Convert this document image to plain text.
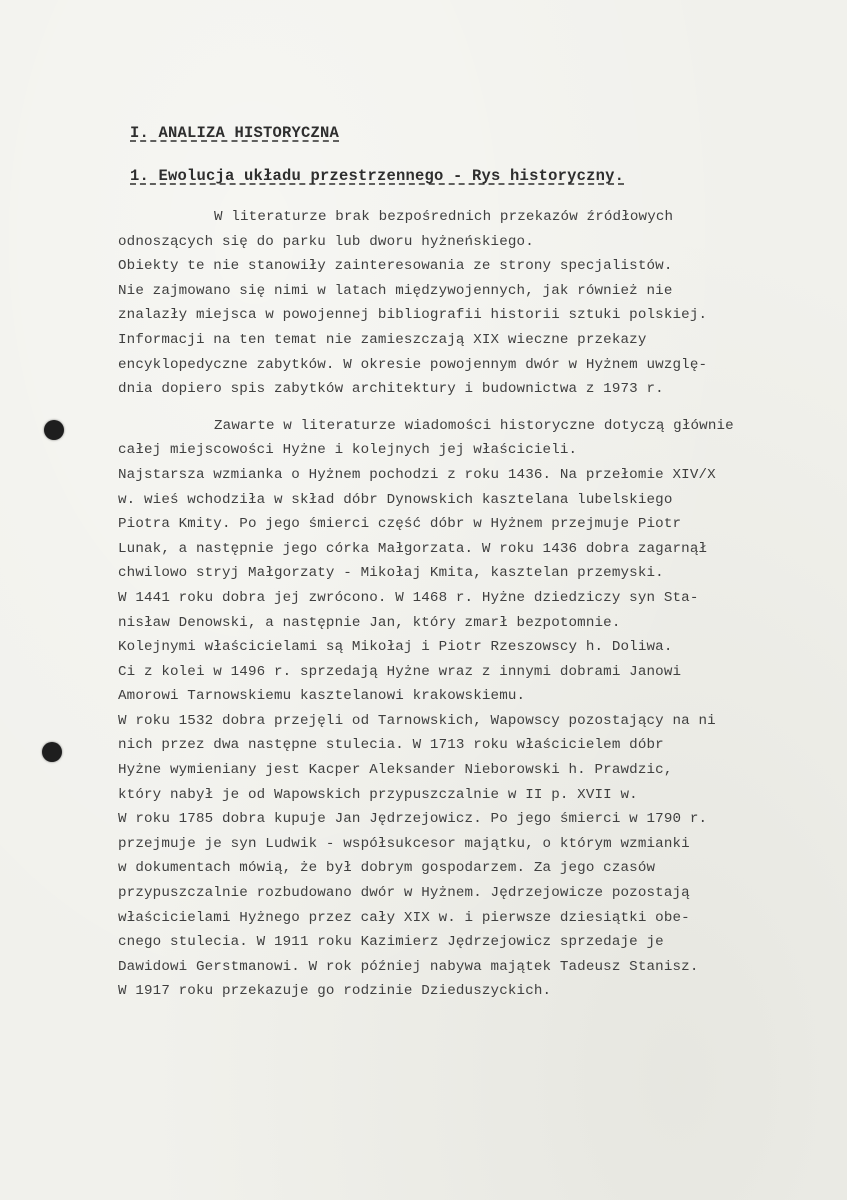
I. ANALIZA HISTORYCZNA
1. Ewolucja układu przestrzennego - Rys historyczny.
W literaturze brak bezpośrednich przekazów źródłowych
odnoszących się do parku lub dworu hyżneńskiego.
Obiekty te nie stanowiły zainteresowania ze strony specjalistów.
Nie zajmowano się nimi w latach międzywojennych, jak również nie
znalazły miejsca w powojennej bibliografii historii sztuki polskiej.
Informacji na ten temat nie zamieszczają XIX wieczne przekazy
encyklopedyczne zabytków. W okresie powojennym dwór w Hyżnem uwzglę-
dnia dopiero spis zabytków architektury i budownictwa z 1973 r.
Zawarte w literaturze wiadomości historyczne dotyczą głównie
całej miejscowości Hyżne i kolejnych jej właścicieli.
Najstarsza wzmianka o Hyżnem pochodzi z roku 1436. Na przełomie XIV/X
w. wieś wchodziła w skład dóbr Dynowskich kasztelana lubelskiego
Piotra Kmity. Po jego śmierci część dóbr w Hyżnem przejmuje Piotr
Lunak, a następnie jego córka Małgorzata. W roku 1436 dobra zagarnął
chwilowo stryj Małgorzaty - Mikołaj Kmita, kasztelan przemyski.
W 1441 roku dobra jej zwrócono. W 1468 r. Hyżne dziedziczy syn Sta-
nisław Denowski, a następnie Jan, który zmarł bezpotomnie.
Kolejnymi właścicielami są Mikołaj i Piotr Rzeszowscy h. Doliwa.
Ci z kolei w 1496 r. sprzedają Hyżne wraz z innymi dobrami Janowi
Amorowi Tarnowskiemu kasztelanowi krakowskiemu.
W roku 1532 dobra przejęli od Tarnowskich, Wapowscy pozostający na ni
nich przez dwa następne stulecia. W 1713 roku właścicielem dóbr
Hyżne wymieniany jest Kacper Aleksander Nieborowski h. Prawdzic,
który nabył je od Wapowskich przypuszczalnie w II p. XVII w.
W roku 1785 dobra kupuje Jan Jędrzejowicz. Po jego śmierci w 1790 r.
przejmuje je syn Ludwik - współsukcesor majątku, o którym wzmianki
w dokumentach mówią, że był dobrym gospodarzem. Za jego czasów
przypuszczalnie rozbudowano dwór w Hyżnem. Jędrzejowicze pozostają
właścicielami Hyżnego przez cały XIX w. i pierwsze dziesiątki obe-
cnego stulecia. W 1911 roku Kazimierz Jędrzejowicz sprzedaje je
Dawidowi Gerstmanowi. W rok później nabywa majątek Tadeusz Stanisz.
W 1917 roku przekazuje go rodzinie Dzieduszyckich.
